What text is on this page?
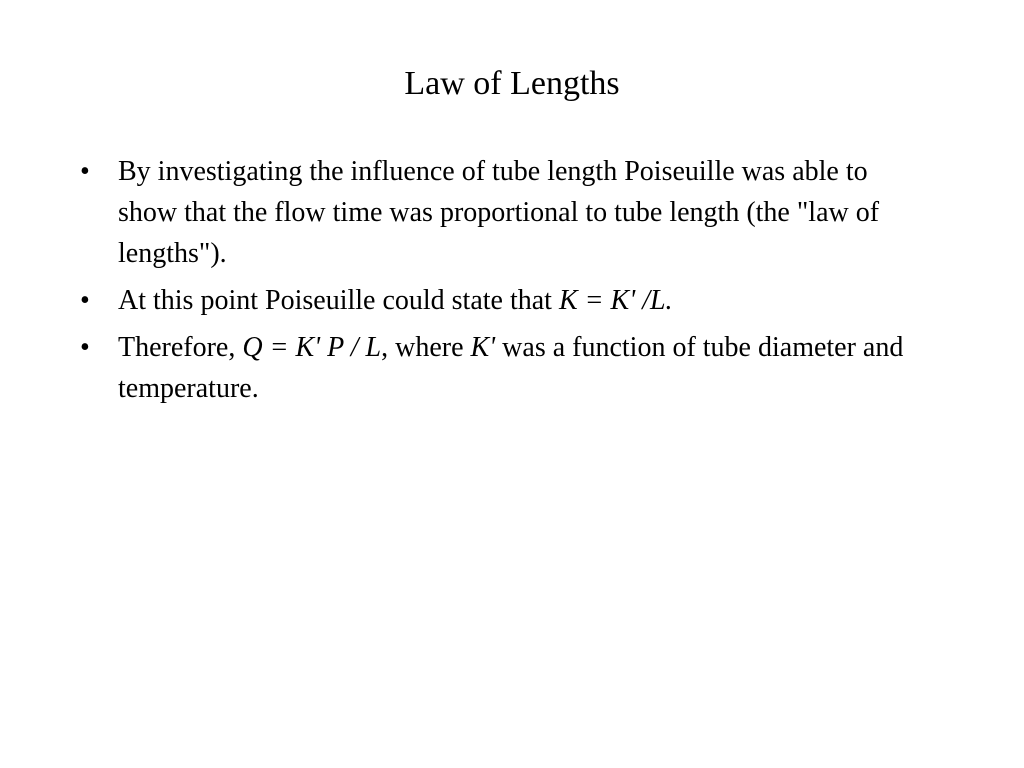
Law of Lengths
• By investigating the influence of tube length Poiseuille was able to show that the flow time was proportional to tube length (the "law of lengths").
• At this point Poiseuille could state that K = K' /L.
• Therefore, Q = K' P / L, where K' was a function of tube diameter and temperature.
